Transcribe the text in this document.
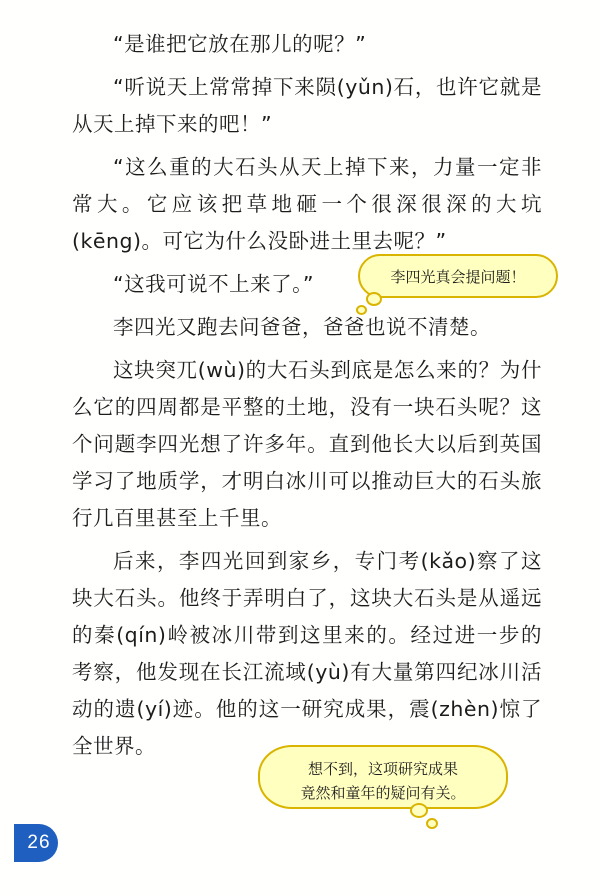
“是谁把它放在那儿的呢？”

“听说天上常常掉下来陨(yǔn)石，也许它就是从天上掉下来的吧！”

“这么重的大石头从天上掉下来，力量一定非常大。它应该把草地砸一个很深很深的大坑(kēng)。可它为什么没卧进土里去呢？”

“这我可说不上来了。”

李四光又跑去问爸爸，爸爸也说不清楚。

这块突兀(wù)的大石头到底是怎么来的？为什么它的四周都是平整的土地，没有一块石头呢？这个问题李四光想了许多年。直到他长大以后到英国学习了地质学，才明白冰川可以推动巨大的石头旅行几百里甚至上千里。

后来，李四光回到家乡，专门考(kǎo)察了这块大石头。他终于弄明白了，这块大石头是从遥远的秦(qín)岭被冰川带到这里来的。经过进一步的考察，他发现在长江流域(yù)有大量第四纪冰川活动的遗(yí)迹。他的这一研究成果，震(zhèn)惊了全世界。

李四光真会提问题！
想不到，这项研究成果
竟然和童年的疑问有关。
26
